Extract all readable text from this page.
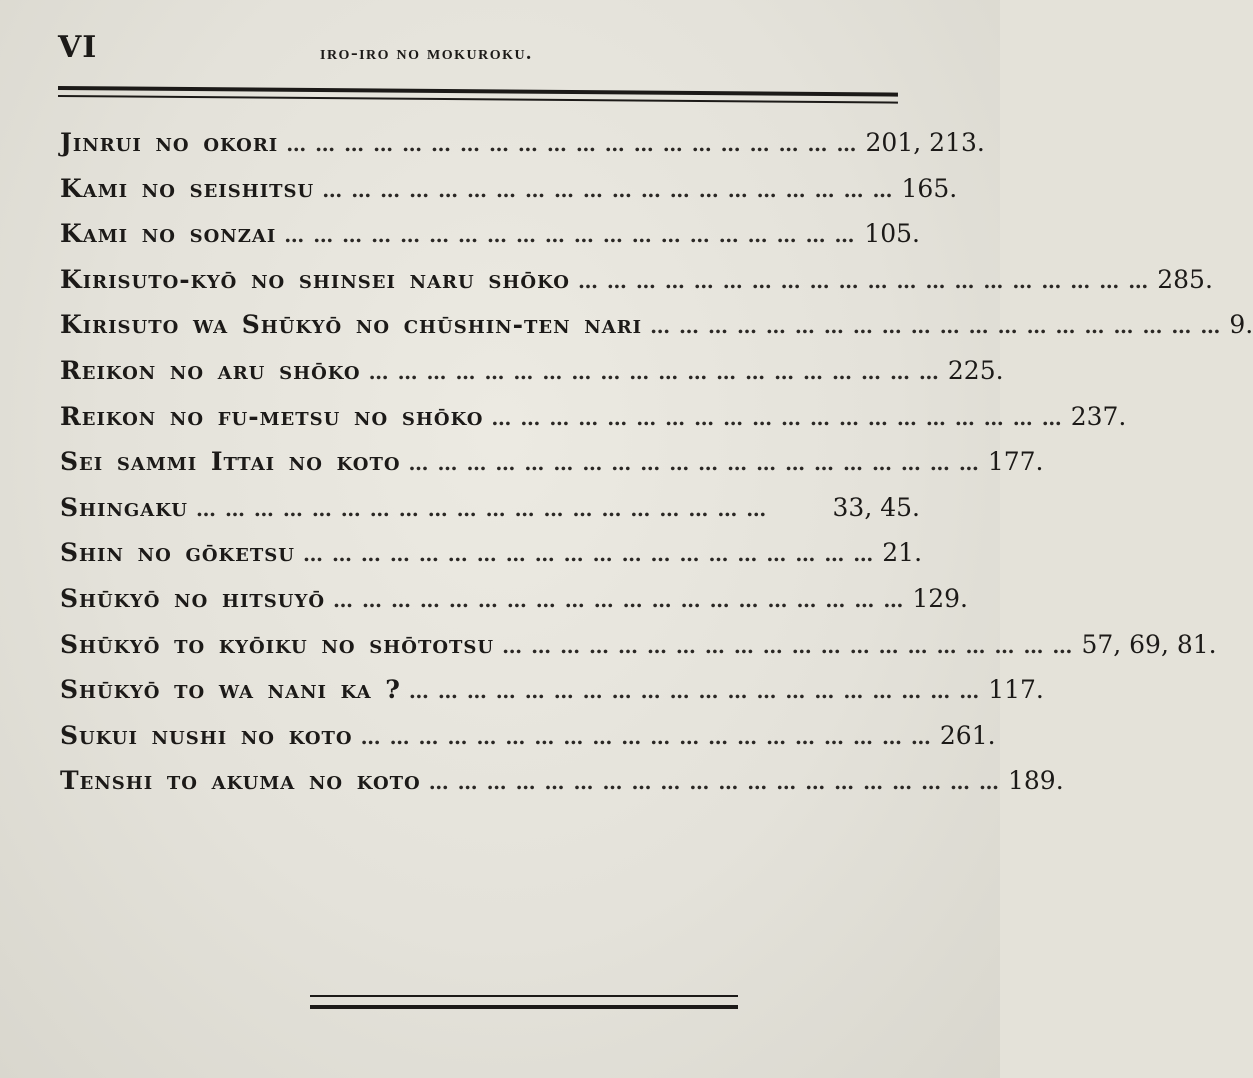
VI	iro-iro no mokuroku.
Jinrui no okori … … … … … … … … … … … … … … … … … … … … 201, 213.
Kami no seishitsu … … … … … … … … … … … … … … … … … … … … 165.
Kami no sonzai … … … … … … … … … … … … … … … … … … … … 105.
Kirisuto-kyō no shinsei naru shōko … … … … … … … … … … … … … … … … … … … … 285.
Kirisuto wa Shūkyō no chūshin-ten nari … … … … … … … … … … … … … … … … … … … … 9.
Reikon no aru shōko … … … … … … … … … … … … … … … … … … … … 225.
Reikon no fu-metsu no shōko … … … … … … … … … … … … … … … … … … … … 237.
Sei sammi Ittai no koto … … … … … … … … … … … … … … … … … … … … 177.
Shingaku … … … … … … … … … … … … … … … … … … … …	33, 45.
Shin no gōketsu … … … … … … … … … … … … … … … … … … … … 21.
Shūkyō no hitsuyō … … … … … … … … … … … … … … … … … … … … 129.
Shūkyō to kyōiku no shōtotsu … … … … … … … … … … … … … … … … … … … … 57, 69, 81.
Shūkyō to wa nani ka ? … … … … … … … … … … … … … … … … … … … … 117.
Sukui nushi no koto … … … … … … … … … … … … … … … … … … … … 261.
Tenshi to akuma no koto … … … … … … … … … … … … … … … … … … … … 189.
